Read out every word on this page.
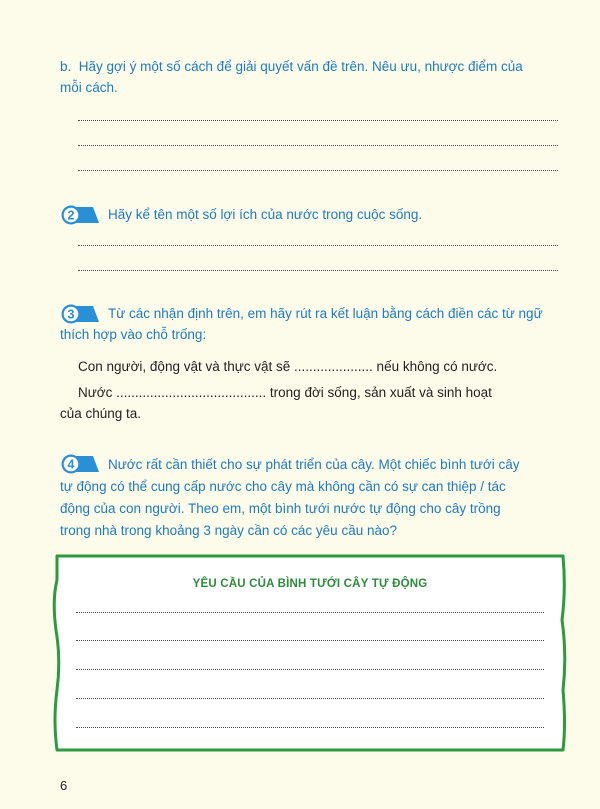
b. Hãy gợi ý một số cách để giải quyết vấn đề trên. Nêu ưu, nhược điểm của
mỗi cách.
2 Hãy kể tên một số lợi ích của nước trong cuộc sống.
3 Từ các nhận định trên, em hãy rút ra kết luận bằng cách điền các từ ngữ
thích hợp vào chỗ trống:
Con người, động vật và thực vật sẽ ..................... nếu không có nước.
Nước ........................................ trong đời sống, sản xuất và sinh hoạt
của chúng ta.
4 Nước rất cần thiết cho sự phát triển của cây. Một chiếc bình tưới cây
tự động có thể cung cấp nước cho cây mà không cần có sự can thiệp / tác
động của con người. Theo em, một bình tưới nước tự động cho cây trồng
trong nhà trong khoảng 3 ngày cần có các yêu cầu nào?
YÊU CẦU CỦA BÌNH TƯỚI CÂY TỰ ĐỘNG
6
